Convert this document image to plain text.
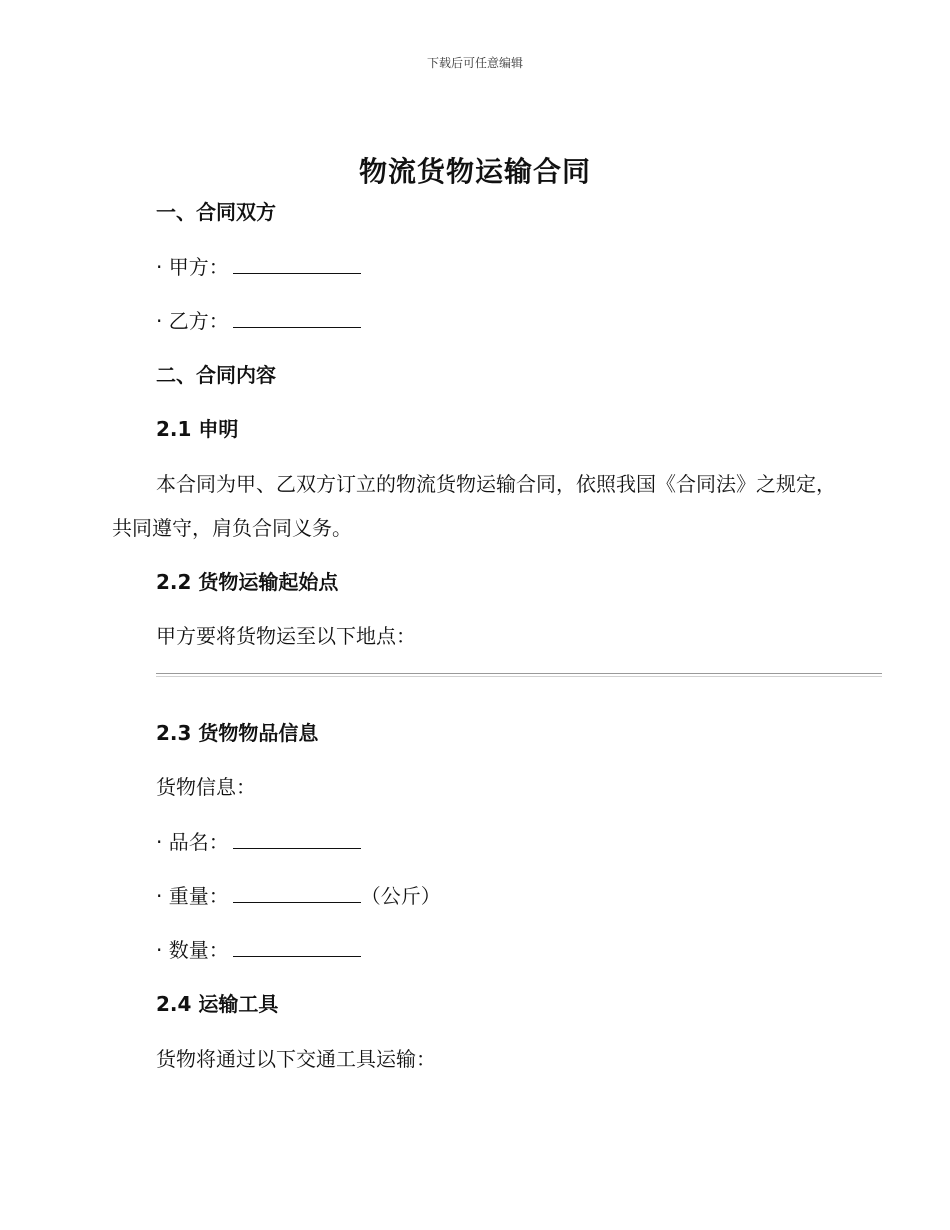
下载后可任意编辑
物流货物运输合同
一、合同双方
· 甲方：
· 乙方：
二、合同内容
2.1 申明

本合同为甲、乙双方订立的物流货物运输合同，依照我国《合同法》之规定，共同遵守，肩负合同义务。

2.2 货物运输起始点
甲方要将货物运至以下地点：
2.3 货物物品信息
货物信息：
· 品名：
· 重量：	（公斤）
· 数量：
2.4 运输工具
货物将通过以下交通工具运输：
